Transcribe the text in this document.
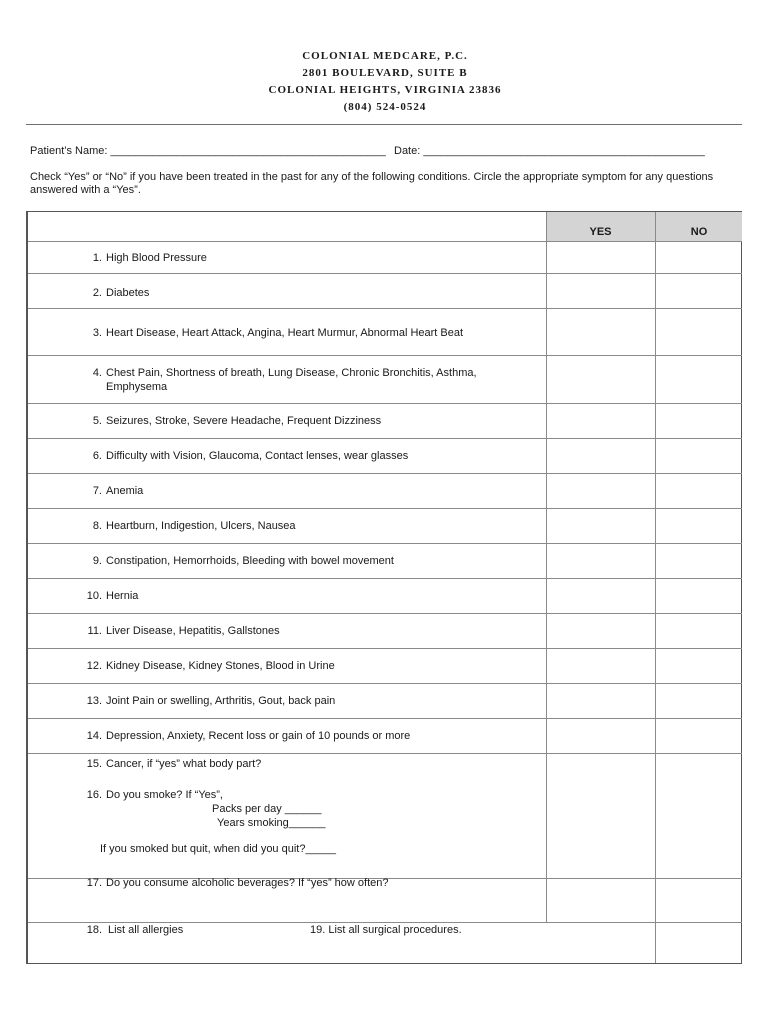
COLONIAL MEDCARE, P.C.
2801 BOULEVARD, SUITE B
COLONIAL HEIGHTS, VIRGINIA 23836
(804) 524-0524
Patient’s Name: _____________________________________________ Date: ______________________________________________
Check “Yes” or “No” if you have been treated in the past for any of the following conditions. Circle the appropriate symptom for any questions answered with a “Yes”.
YES	NO
1. High Blood Pressure
2. Diabetes
3. Heart Disease, Heart Attack, Angina, Heart Murmur, Abnormal Heart Beat
4. Chest Pain, Shortness of breath, Lung Disease, Chronic Bronchitis, Asthma, Emphysema
5. Seizures, Stroke, Severe Headache, Frequent Dizziness
6. Difficulty with Vision, Glaucoma, Contact lenses, wear glasses
7. Anemia
8. Heartburn, Indigestion, Ulcers, Nausea
9. Constipation, Hemorrhoids, Bleeding with bowel movement
10. Hernia
11. Liver Disease, Hepatitis, Gallstones
12. Kidney Disease, Kidney Stones, Blood in Urine
13. Joint Pain or swelling, Arthritis, Gout, back pain
14. Depression, Anxiety, Recent loss or gain of 10 pounds or more
15. Cancer, if “yes” what body part?
16. Do you smoke? If “Yes”,
Packs per day ______
Years smoking______
If you smoked but quit, when did you quit?_____
17. Do you consume alcoholic beverages? If “yes” how often?
18. List all allergies	19. List all surgical procedures.
